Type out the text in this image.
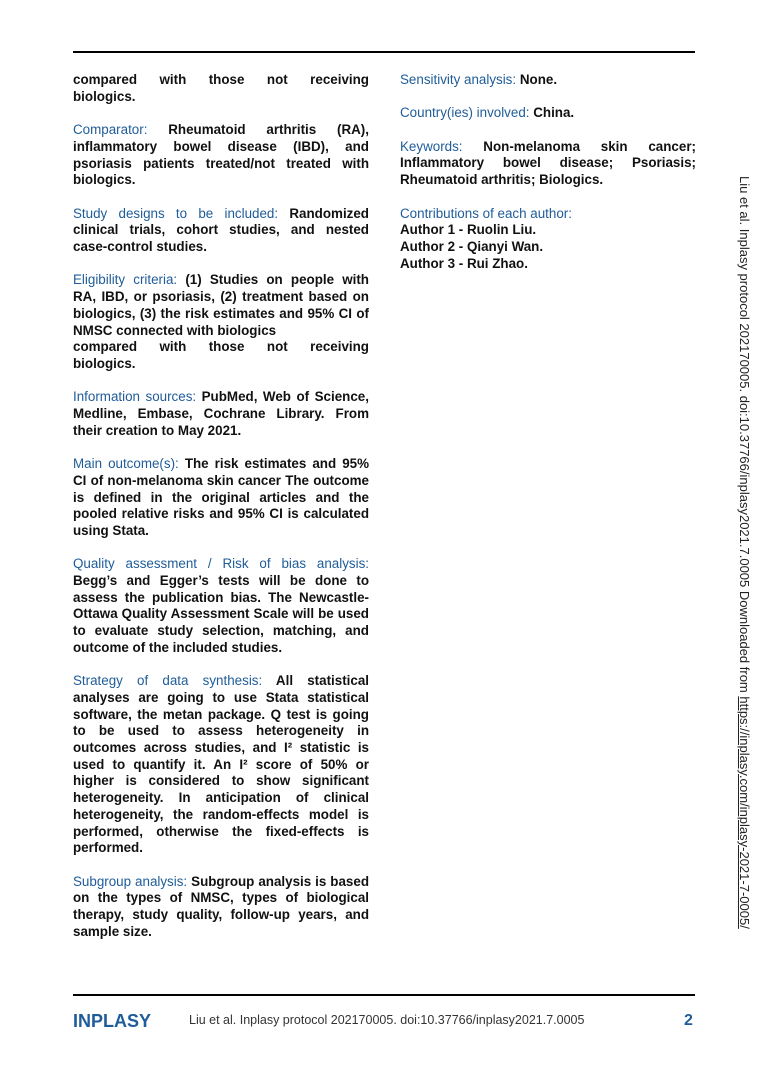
compared with those not receiving
biologics.
Comparator: Rheumatoid arthritis (RA), inflammatory bowel disease (IBD), and psoriasis patients treated/not treated with biologics.
Study designs to be included: Randomized clinical trials, cohort studies, and nested case-control studies.
Eligibility criteria: (1) Studies on people with RA, IBD, or psoriasis, (2) treatment based on biologics, (3) the risk estimates and 95% CI of NMSC connected with biologics
compared with those not receiving
biologics.
Information sources: PubMed, Web of Science, Medline, Embase, Cochrane Library. From their creation to May 2021.
Main outcome(s): The risk estimates and 95% CI of non-melanoma skin cancer The outcome is defined in the original articles and the pooled relative risks and 95% CI is calculated using Stata.
Quality assessment / Risk of bias analysis: Begg’s and Egger’s tests will be done to assess the publication bias. The Newcastle-Ottawa Quality Assessment Scale will be used to evaluate study selection, matching, and outcome of the included studies.
Strategy of data synthesis: All statistical analyses are going to use Stata statistical software, the metan package. Q test is going to be used to assess heterogeneity in outcomes across studies, and I² statistic is used to quantify it. An I² score of 50% or higher is considered to show significant heterogeneity. In anticipation of clinical heterogeneity, the random-effects model is performed, otherwise the fixed-effects is performed.
Subgroup analysis: Subgroup analysis is based on the types of NMSC, types of biological therapy, study quality, follow-up years, and sample size.
Sensitivity analysis: None.
Country(ies) involved: China.
Keywords: Non-melanoma skin cancer; Inflammatory bowel disease; Psoriasis; Rheumatoid arthritis; Biologics.
Contributions of each author:
Author 1 - Ruolin Liu.
Author 2 - Qianyi Wan.
Author 3 - Rui Zhao.	Liu et al. Inplasy protocol 202170005. doi:10.37766/inplasy2021.7.0005 Downloaded from https://inplasy.com/inplasy-2021-7-0005/
INPLASY	Liu et al. Inplasy protocol 202170005. doi:10.37766/inplasy2021.7.0005	2
